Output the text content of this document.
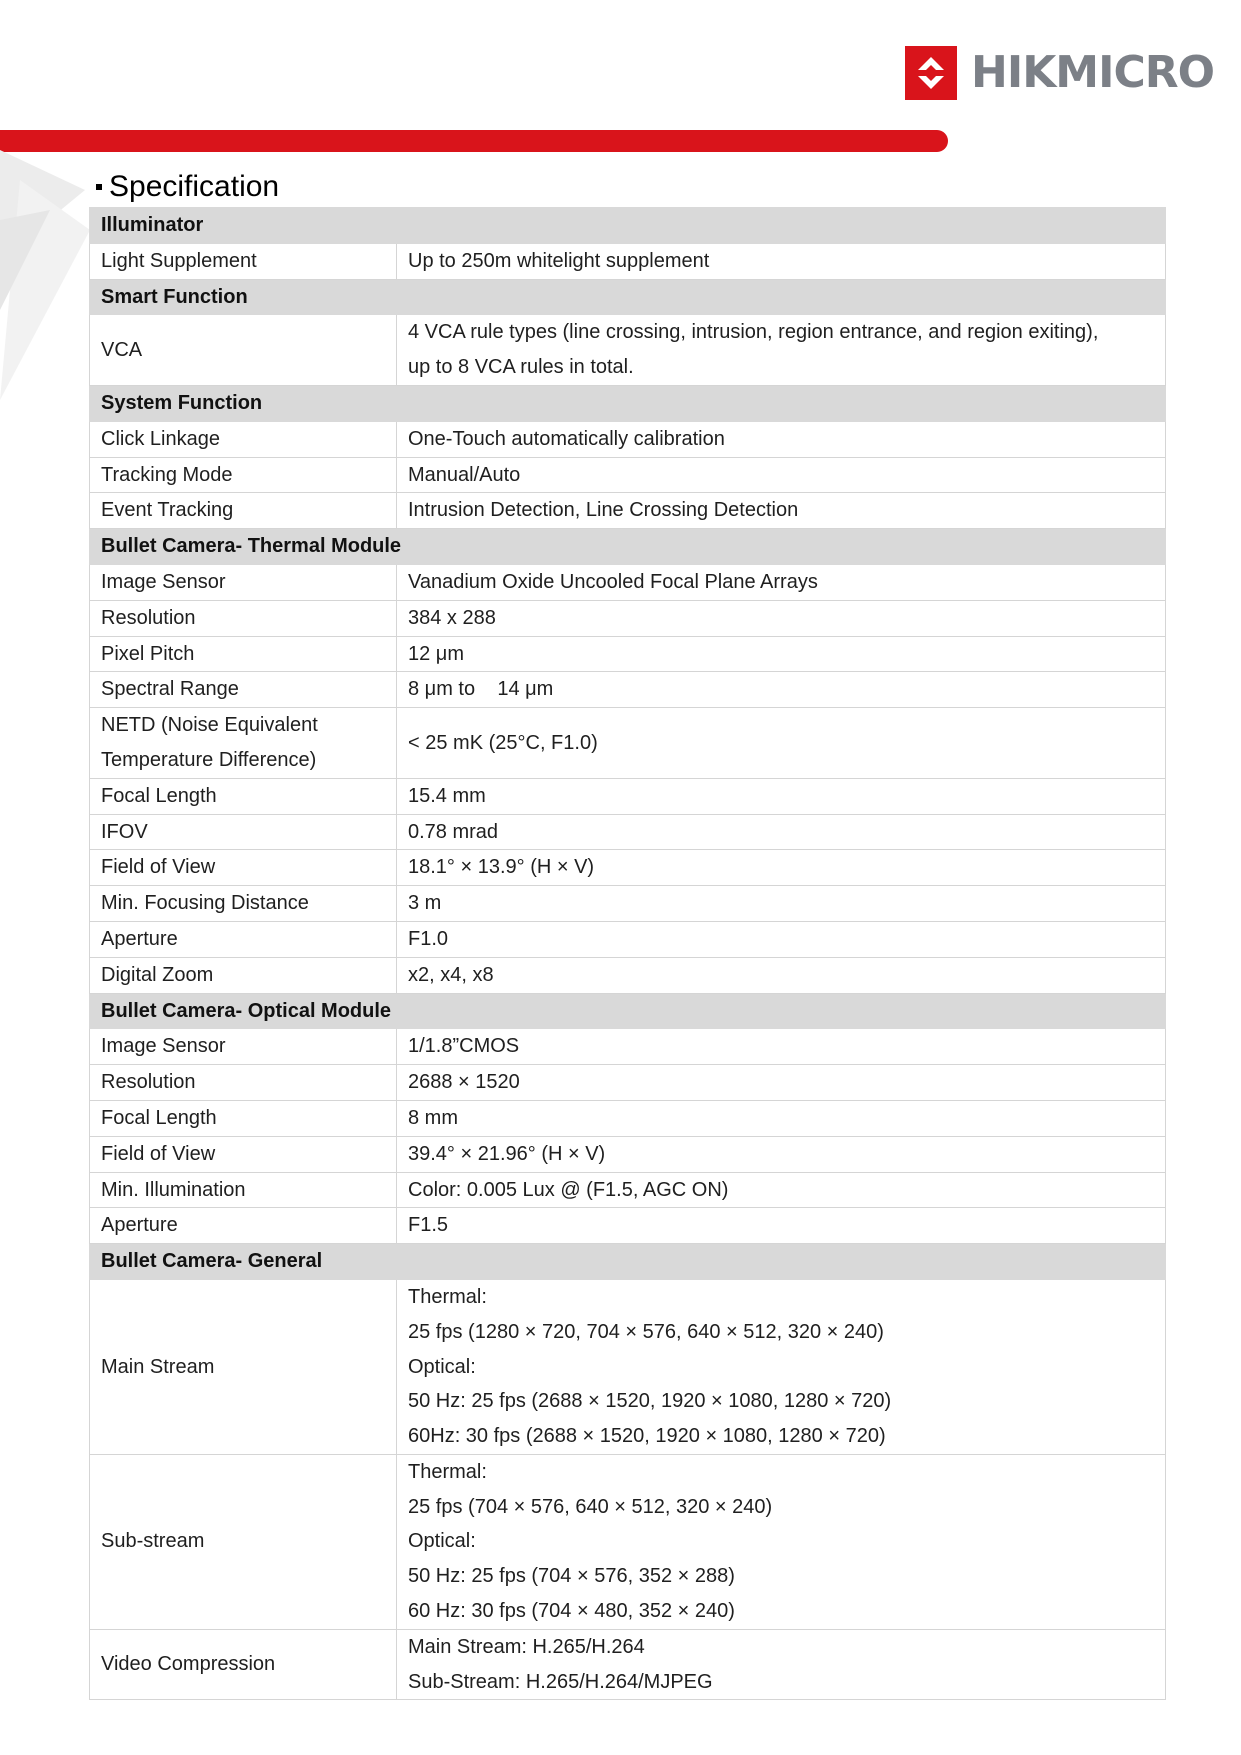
HIKMICRO
Specification
Illuminator	
Light Supplement	Up to 250m whitelight supplement

Smart Function	
VCA	4 VCA rule types (line crossing, intrusion, region entrance, and region exiting),
up to 8 VCA rules in total.

System Function	
Click Linkage	One-Touch automatically calibration

Tracking Mode	Manual/Auto

Event Tracking	Intrusion Detection, Line Crossing Detection

Bullet Camera- Thermal Module	
Image Sensor	Vanadium Oxide Uncooled Focal Plane Arrays

Resolution	384 x 288

Pixel Pitch	12 μm

Spectral Range	8 μm to    14 μm

NETD (Noise Equivalent Temperature Difference)	< 25 mK (25°C, F1.0)

Focal Length	15.4 mm

IFOV	0.78 mrad

Field of View	18.1° × 13.9° (H × V)

Min. Focusing Distance	3 m

Aperture	F1.0

Digital Zoom	x2, x4, x8

Bullet Camera- Optical Module	
Image Sensor	1/1.8”CMOS

Resolution	2688 × 1520

Focal Length	8 mm

Field of View	39.4° × 21.96° (H × V)

Min. Illumination	Color: 0.005 Lux @ (F1.5, AGC ON)

Aperture	F1.5

Bullet Camera- General	
Main Stream	Thermal:
25 fps (1280 × 720, 704 × 576, 640 × 512, 320 × 240)
Optical:
50 Hz: 25 fps (2688 × 1520, 1920 × 1080, 1280 × 720)
60Hz: 30 fps (2688 × 1520, 1920 × 1080, 1280 × 720)

Sub-stream	Thermal:
25 fps (704 × 576, 640 × 512, 320 × 240)
Optical:
50 Hz: 25 fps (704 × 576, 352 × 288)
60 Hz: 30 fps (704 × 480, 352 × 240)

Video Compression	Main Stream: H.265/H.264
Sub-Stream: H.265/H.264/MJPEG
